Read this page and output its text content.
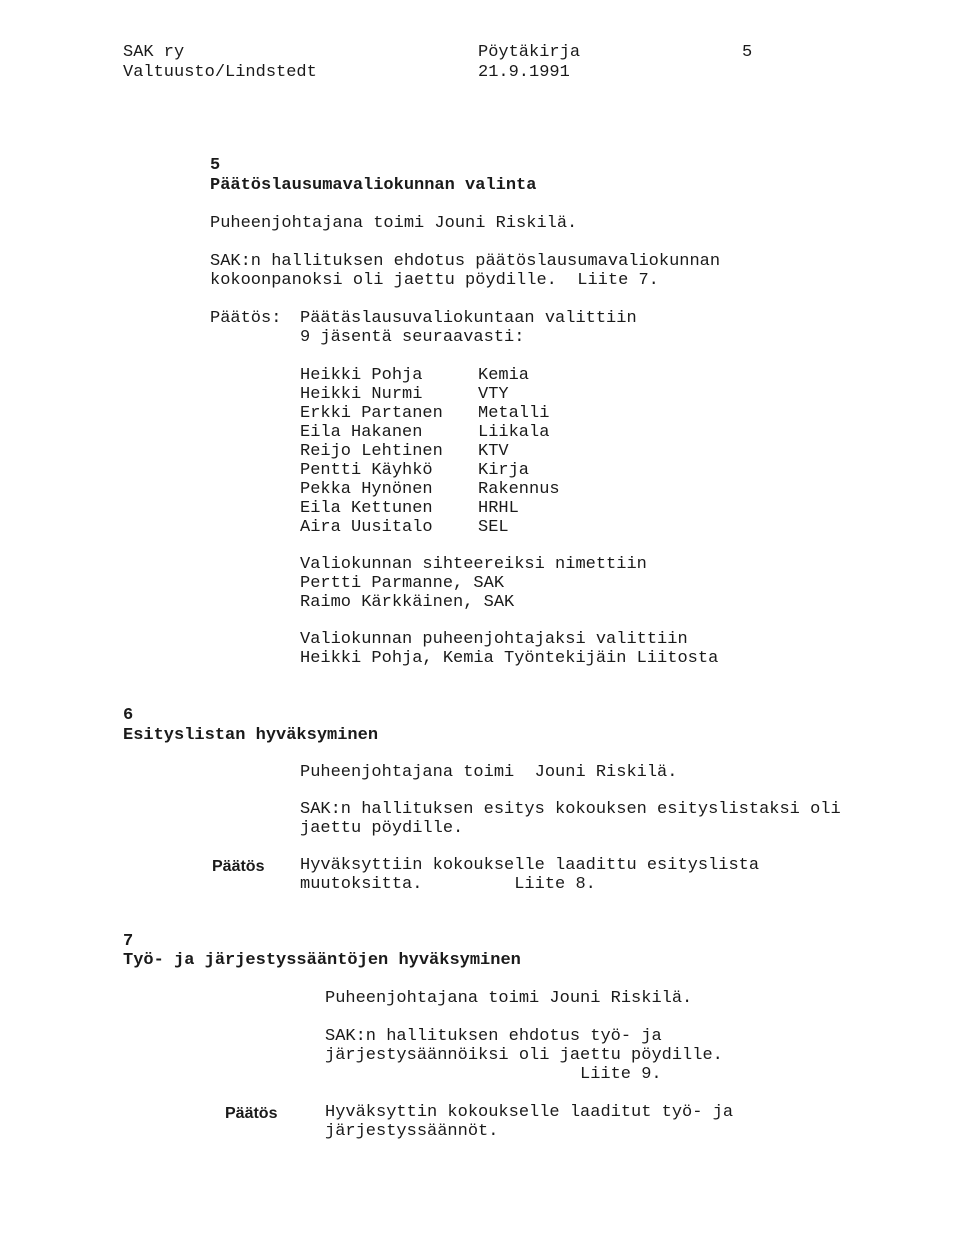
SAK ry
Valtuusto/Lindstedt
Pöytäkirja
21.9.1991
5
5
Päätöslausumavaliokunnan valinta
Puheenjohtajana toimi Jouni Riskilä.
SAK:n hallituksen ehdotus päätöslausumavaliokunnan
kokoonpanoksi oli jaettu pöydille.  Liite 7.
Päätös: Päätäslausuvaliokuntaan valittiin
9 jäsentä seuraavasti:
Heikki Pohja	Kemia
Heikki Nurmi	VTY
Erkki Partanen Metalli
Eila Hakanen	Liikala
Reijo Lehtinen KTV
Pentti Käyhkö	Kirja
Pekka Hynönen	Rakennus
Eila Kettunen	HRHL
Aira Uusitalo	SEL
Valiokunnan sihteereiksi nimettiin
Pertti Parmanne, SAK
Raimo Kärkkäinen, SAK
Valiokunnan puheenjohtajaksi valittiin
Heikki Pohja, Kemia Työntekijäin Liitosta
6
Esityslistan hyväksyminen
Puheenjohtajana toimi  Jouni Riskilä.
SAK:n hallituksen esitys kokouksen esityslistaksi oli
jaettu pöydille.
Päätös Hyväksyttiin kokoukselle laadittu esityslista
muutoksitta.         Liite 8.
7
Työ- ja järjestyssääntöjen hyväksyminen
Puheenjohtajana toimi Jouni Riskilä.
SAK:n hallituksen ehdotus työ- ja
järjestysäännöiksi oli jaettu pöydille.
Liite 9.
Päätös	Hyväksyttin kokoukselle laaditut työ- ja
järjestyssäännöt.
